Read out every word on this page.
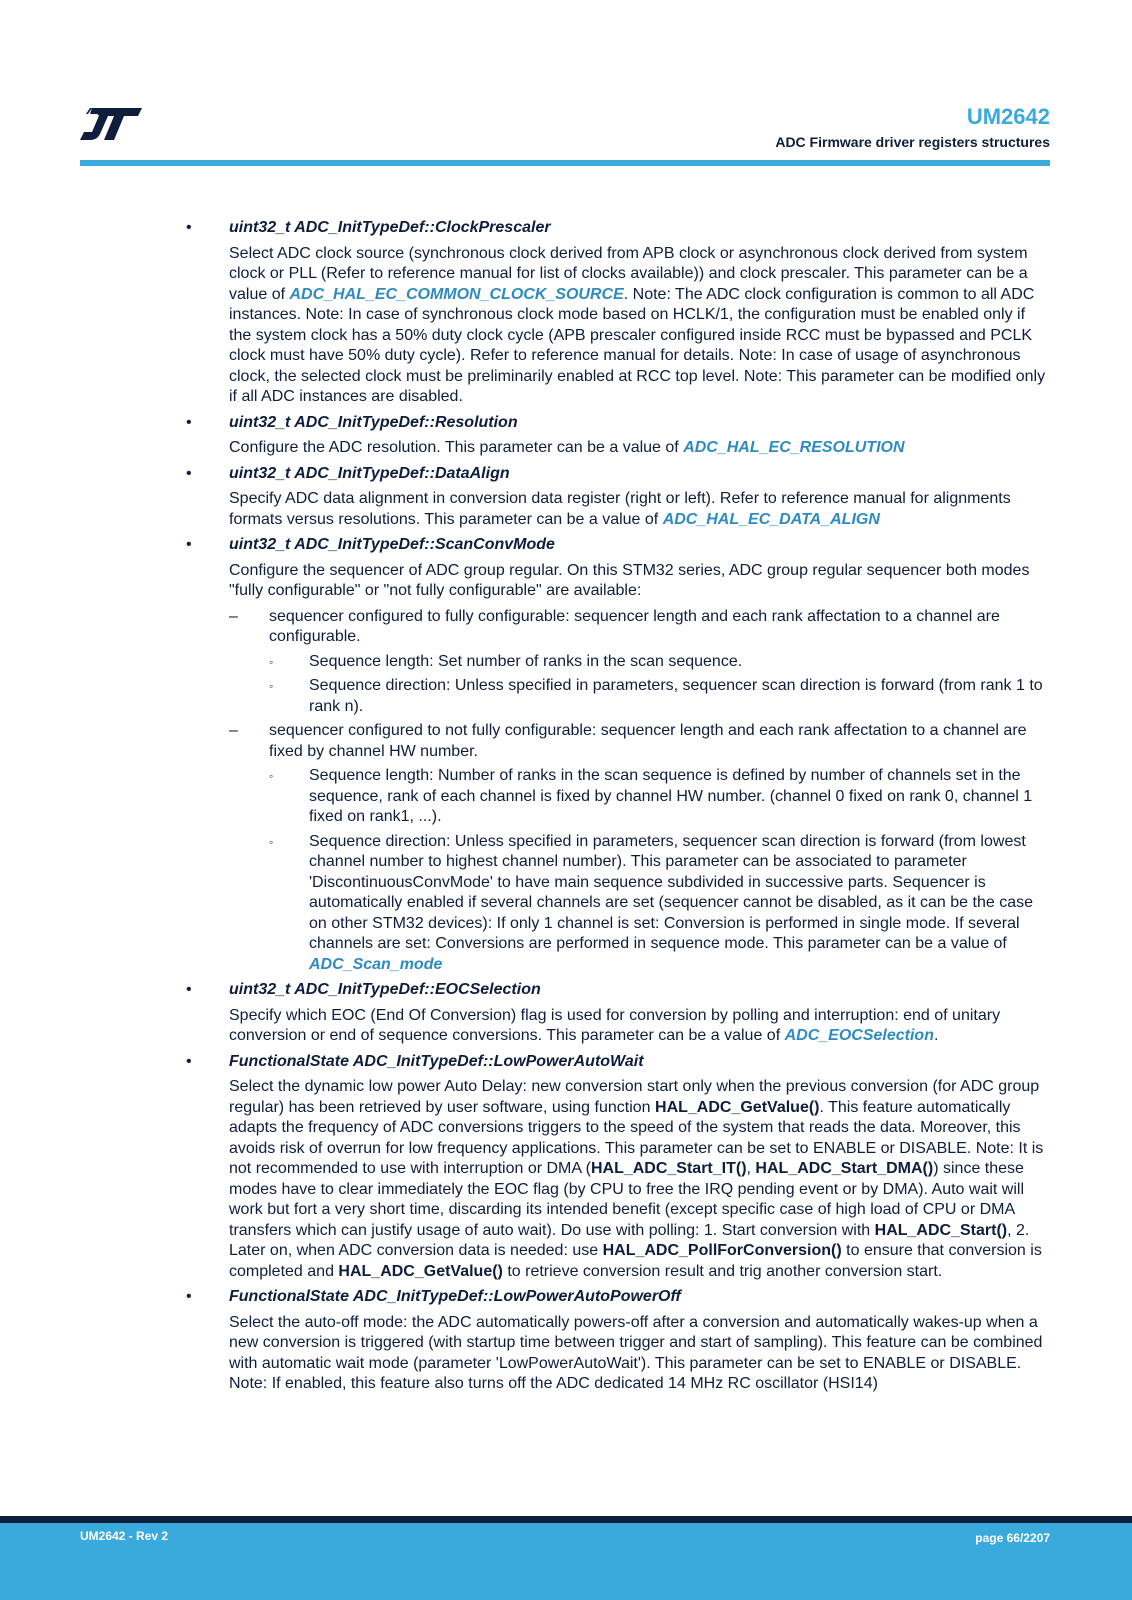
UM2642
ADC Firmware driver registers structures
•	uint32_t ADC_InitTypeDef::ClockPrescaler
Select ADC clock source (synchronous clock derived from APB clock or asynchronous clock derived from system clock or PLL (Refer to reference manual for list of clocks available)) and clock prescaler. This parameter can be a value of ADC_HAL_EC_COMMON_CLOCK_SOURCE. Note: The ADC clock configuration is common to all ADC instances. Note: In case of synchronous clock mode based on HCLK/1, the configuration must be enabled only if the system clock has a 50% duty clock cycle (APB prescaler configured inside RCC must be bypassed and PCLK clock must have 50% duty cycle). Refer to reference manual for details. Note: In case of usage of asynchronous clock, the selected clock must be preliminarily enabled at RCC top level. Note: This parameter can be modified only if all ADC instances are disabled.
•	uint32_t ADC_InitTypeDef::Resolution
Configure the ADC resolution. This parameter can be a value of ADC_HAL_EC_RESOLUTION
•	uint32_t ADC_InitTypeDef::DataAlign
Specify ADC data alignment in conversion data register (right or left). Refer to reference manual for alignments formats versus resolutions. This parameter can be a value of ADC_HAL_EC_DATA_ALIGN
•	uint32_t ADC_InitTypeDef::ScanConvMode
Configure the sequencer of ADC group regular. On this STM32 series, ADC group regular sequencer both modes "fully configurable" or "not fully configurable" are available:
– sequencer configured to fully configurable: sequencer length and each rank affectation to a channel are configurable.
◦ Sequence length: Set number of ranks in the scan sequence.
◦ Sequence direction: Unless specified in parameters, sequencer scan direction is forward (from rank 1 to rank n).
– sequencer configured to not fully configurable: sequencer length and each rank affectation to a channel are fixed by channel HW number.
◦ Sequence length: Number of ranks in the scan sequence is defined by number of channels set in the sequence, rank of each channel is fixed by channel HW number. (channel 0 fixed on rank 0, channel 1 fixed on rank1, ...).
◦ Sequence direction: Unless specified in parameters, sequencer scan direction is forward (from lowest channel number to highest channel number). This parameter can be associated to parameter 'DiscontinuousConvMode' to have main sequence subdivided in successive parts. Sequencer is automatically enabled if several channels are set (sequencer cannot be disabled, as it can be the case on other STM32 devices): If only 1 channel is set: Conversion is performed in single mode. If several channels are set: Conversions are performed in sequence mode. This parameter can be a value of ADC_Scan_mode
•	uint32_t ADC_InitTypeDef::EOCSelection
Specify which EOC (End Of Conversion) flag is used for conversion by polling and interruption: end of unitary conversion or end of sequence conversions. This parameter can be a value of ADC_EOCSelection.
•	FunctionalState ADC_InitTypeDef::LowPowerAutoWait
Select the dynamic low power Auto Delay: new conversion start only when the previous conversion (for ADC group regular) has been retrieved by user software, using function HAL_ADC_GetValue(). This feature automatically adapts the frequency of ADC conversions triggers to the speed of the system that reads the data. Moreover, this avoids risk of overrun for low frequency applications. This parameter can be set to ENABLE or DISABLE. Note: It is not recommended to use with interruption or DMA (HAL_ADC_Start_IT(), HAL_ADC_Start_DMA()) since these modes have to clear immediately the EOC flag (by CPU to free the IRQ pending event or by DMA). Auto wait will work but fort a very short time, discarding its intended benefit (except specific case of high load of CPU or DMA transfers which can justify usage of auto wait). Do use with polling: 1. Start conversion with HAL_ADC_Start(), 2. Later on, when ADC conversion data is needed: use HAL_ADC_PollForConversion() to ensure that conversion is completed and HAL_ADC_GetValue() to retrieve conversion result and trig another conversion start.
•	FunctionalState ADC_InitTypeDef::LowPowerAutoPowerOff
Select the auto-off mode: the ADC automatically powers-off after a conversion and automatically wakes-up when a new conversion is triggered (with startup time between trigger and start of sampling). This feature can be combined with automatic wait mode (parameter 'LowPowerAutoWait'). This parameter can be set to ENABLE or DISABLE. Note: If enabled, this feature also turns off the ADC dedicated 14 MHz RC oscillator (HSI14)
UM2642 - Rev 2	page 66/2207
